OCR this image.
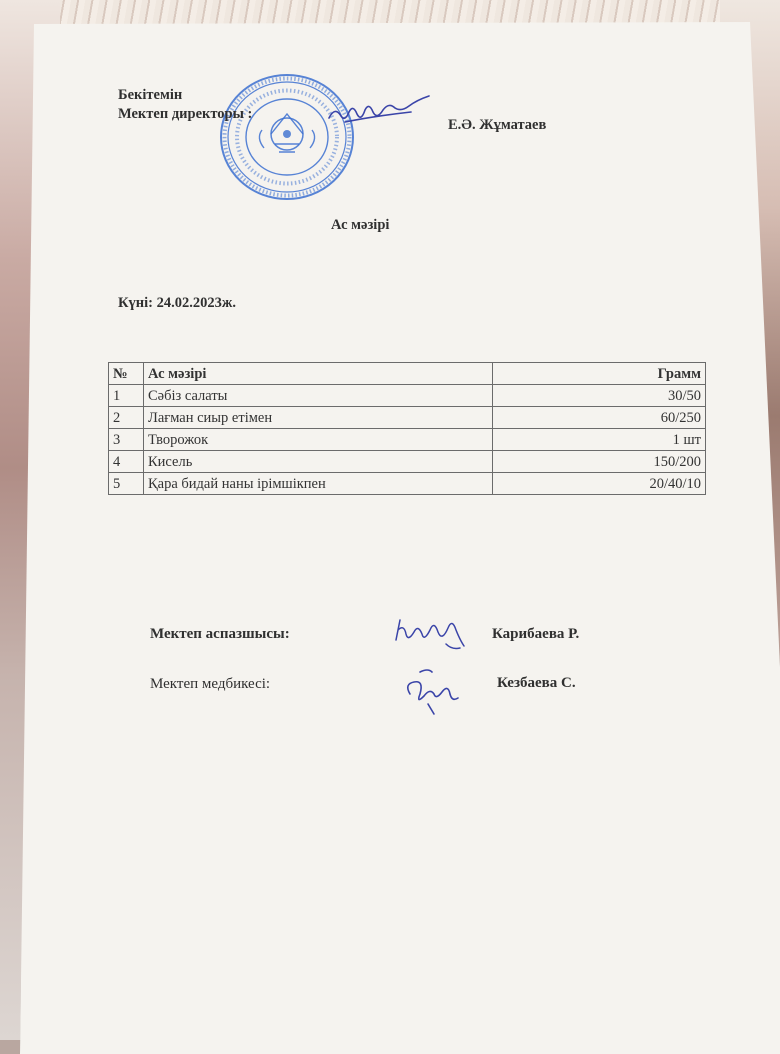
Бекітемін
Мектеп директоры :
Е.Ә. Жұматаев
Ас мәзірі
Күні: 24.02.2023ж.
№	Ас мәзірі	Грамм
1	Сәбіз салаты	30/50
2	Лағман сиыр етімен	60/250
3	Творожок	1 шт
4	Кисель	150/200
5	Қара бидай наны ірімшікпен	20/40/10
Мектеп аспазшысы:	Карибаева Р.
Мектеп медбикесі:	Кезбаева С.
